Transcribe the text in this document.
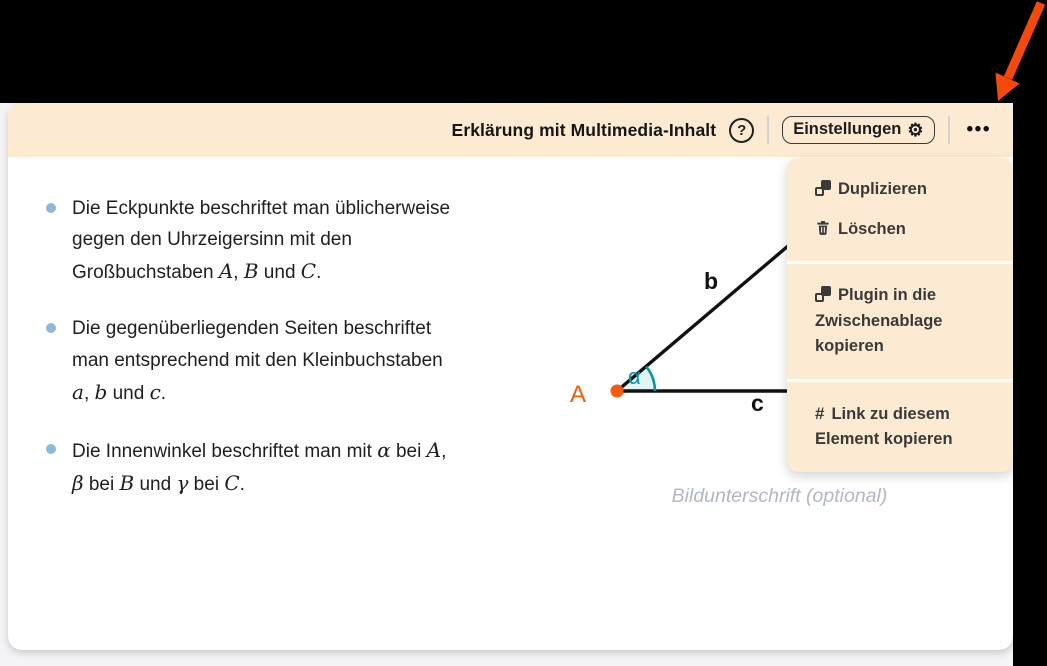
Erklärung mit Multimedia-Inhalt ?	Einstellungen ⚙ •••
Die Eckpunkte beschriftet man üblicherweise gegen den Uhrzeigersinn mit den Großbuchstaben A, B und C.
Die gegenüberliegenden Seiten beschriftet man entsprechend mit den Kleinbuchstaben a, b und c.
Die Innenwinkel beschriftet man mit α bei A, β bei B und γ bei C.
A
b
c
α
Bildunterschrift (optional)
Duplizieren
Löschen
Plugin in die Zwischenablage kopieren
# Link zu diesem Element kopieren
